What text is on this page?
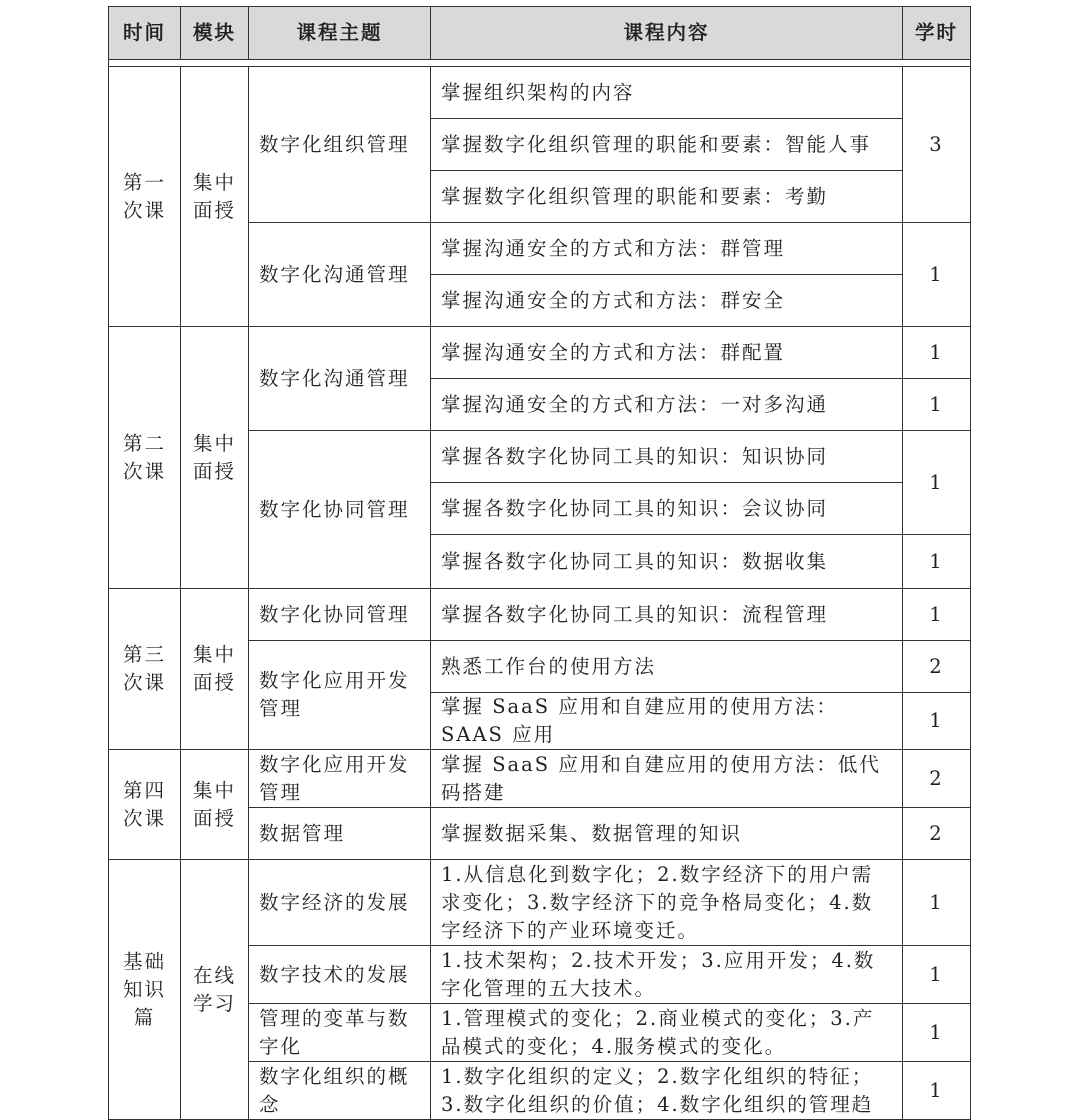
时间	模块	课程主题	课程内容	学时

第一次课	集中面授	数字化组织管理	掌握组织架构的内容	3
			掌握数字化组织管理的职能和要素：智能人事	
			掌握数字化组织管理的职能和要素：考勤	
		数字化沟通管理	掌握沟通安全的方式和方法：群管理	1
			掌握沟通安全的方式和方法：群安全	
第二次课	集中面授	数字化沟通管理	掌握沟通安全的方式和方法：群配置	1
			掌握沟通安全的方式和方法：一对多沟通	1
		数字化协同管理	掌握各数字化协同工具的知识：知识协同	1
			掌握各数字化协同工具的知识：会议协同	
			掌握各数字化协同工具的知识：数据收集	1
第三次课	集中面授	数字化协同管理	掌握各数字化协同工具的知识：流程管理	1
		数字化应用开发管理	熟悉工作台的使用方法	2
			掌握 SaaS 应用和自建应用的使用方法：SAAS 应用	1
第四次课	集中面授	数字化应用开发管理	掌握 SaaS 应用和自建应用的使用方法：低代码搭建	2
		数据管理	掌握数据采集、数据管理的知识	2
基础知识篇	在线学习	数字经济的发展	1.从信息化到数字化；2.数字经济下的用户需求变化；3.数字经济下的竞争格局变化；4.数字经济下的产业环境变迁。	1
		数字技术的发展	1.技术架构；2.技术开发；3.应用开发；4.数字化管理的五大技术。	1
		管理的变革与数字化	1.管理模式的变化；2.商业模式的变化；3.产品模式的变化；4.服务模式的变化。	1
		数字化组织的概念	1.数字化组织的定义；2.数字化组织的特征；3.数字化组织的价值；4.数字化组织的管理趋	1
